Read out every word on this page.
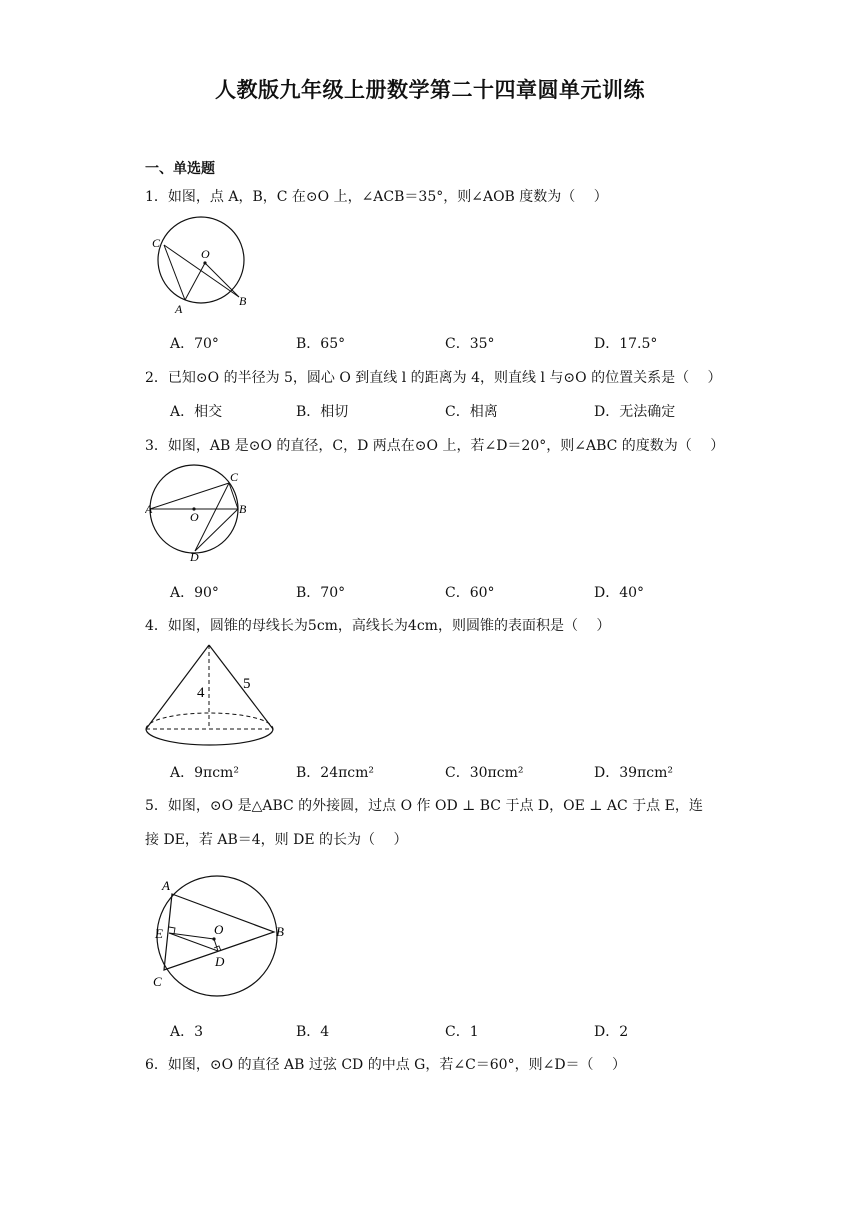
人教版九年级上册数学第二十四章圆单元训练
一、单选题
1．如图，点 A，B，C 在⊙O 上，∠ACB＝35°，则∠AOB 度数为（　 ）
C
O
A
B
A．70°	B．65°	C．35°	D．17.5°
2．已知⊙O 的半径为 5，圆心 O 到直线 l 的距离为 4，则直线 l 与⊙O 的位置关系是（　 ）
A．相交	B．相切	C．相离	D．无法确定
3．如图，AB 是⊙O 的直径，C，D 两点在⊙O 上，若∠D＝20°，则∠ABC 的度数为（　 ）
A
O
B
C
D
A．90°	B．70°	C．60°	D．40°
4．如图，圆锥的母线长为5cm，高线长为4cm，则圆锥的表面积是（　 ）
4
5
A．9πcm²	B．24πcm²	C．30πcm²	D．39πcm²
5．如图，⊙O 是△ABC 的外接圆，过点 O 作 OD ⊥ BC 于点 D，OE ⊥ AC 于点 E，连
接 DE，若 AB＝4，则 DE 的长为（　 ）
A
B
C
E	O
D
A．3	B．4	C．1	D．2
6．如图，⊙O 的直径 AB 过弦 CD 的中点 G，若∠C＝60°，则∠D＝（　 ）
